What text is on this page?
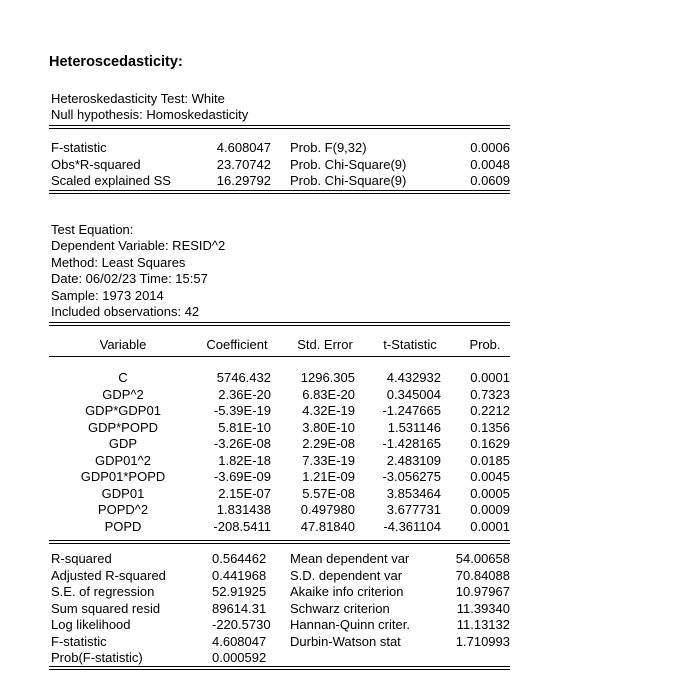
Heteroscedasticity:
Heteroskedasticity Test: White
Null hypothesis: Homoskedasticity
F-statistic	4.608047 Prob. F(9,32)	0.0006
Obs*R-squared	23.70742 Prob. Chi-Square(9)	0.0048
Scaled explained SS	16.29792 Prob. Chi-Square(9)	0.0609
Test Equation:
Dependent Variable: RESID^2
Method: Least Squares
Date: 06/02/23 Time: 15:57
Sample: 1973 2014
Included observations: 42
Variable	Coefficient	Std. Error	t-Statistic	Prob.
C	5746.432	1296.305	4.432932	0.0001
GDP^2	2.36E-20	6.83E-20	0.345004	0.7323
GDP*GDP01	-5.39E-19	4.32E-19	-1.247665	0.2212
GDP*POPD	5.81E-10	3.80E-10	1.531146	0.1356
GDP	-3.26E-08	2.29E-08	-1.428165	0.1629
GDP01^2	1.82E-18	7.33E-19	2.483109	0.0185
GDP01*POPD	-3.69E-09	1.21E-09	-3.056275	0.0045
GDP01	2.15E-07	5.57E-08	3.853464	0.0005
POPD^2	1.831438	0.497980	3.677731	0.0009
POPD	-208.5411	47.81840	-4.361104	0.0001
R-squared	0.564462 Mean dependent var	54.00658
Adjusted R-squared	0.441968 S.D. dependent var	70.84088
S.E. of regression	52.91925 Akaike info criterion	10.97967
Sum squared resid	89614.31 Schwarz criterion	11.39340
Log likelihood	-220.5730 Hannan-Quinn criter.	11.13132
F-statistic	4.608047 Durbin-Watson stat	1.710993
Prob(F-statistic)	0.000592
